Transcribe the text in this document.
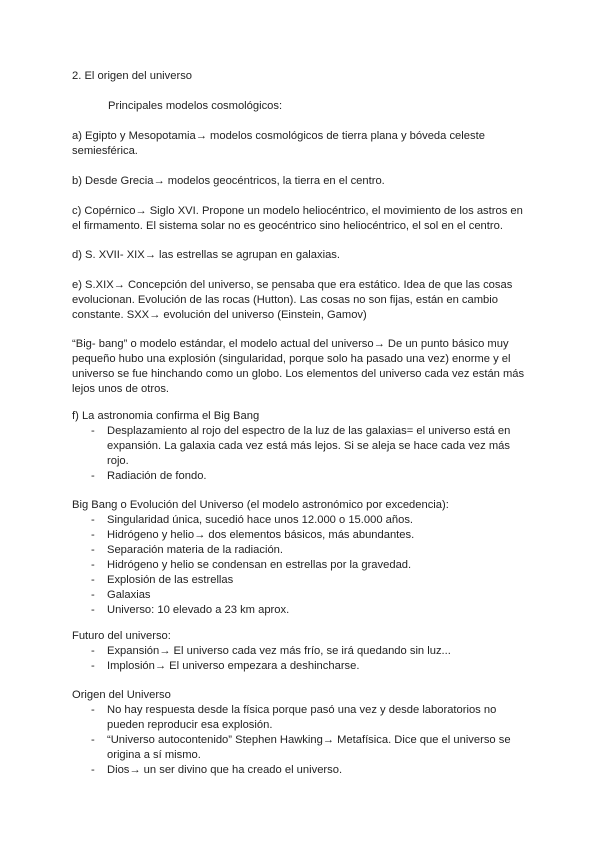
2. El origen del universo

Principales modelos cosmológicos:

a) Egipto y Mesopotamia→ modelos cosmológicos de tierra plana y bóveda celeste semiesférica.

b) Desde Grecia→ modelos geocéntricos, la tierra en el centro.

c) Copérnico→ Siglo XVI. Propone un modelo heliocéntrico, el movimiento de los astros en el firmamento. El sistema solar no es geocéntrico sino heliocéntrico, el sol en el centro.

d) S. XVII- XIX→ las estrellas se agrupan en galaxias.

e) S.XIX→ Concepción del universo, se pensaba que era estático. Idea de que las cosas evolucionan. Evolución de las rocas (Hutton). Las cosas no son fijas, están en cambio constante. SXX→ evolución del universo (Einstein, Gamov)

“Big- bang” o modelo estándar, el modelo actual del universo→ De un punto básico muy pequeño hubo una explosión (singularidad, porque solo ha pasado una vez) enorme y el universo se fue hinchando como un globo. Los elementos del universo cada vez están más lejos unos de otros.

f) La astronomia confirma el Big Bang

- Desplazamiento al rojo del espectro de la luz de las galaxias= el universo está en expansión. La galaxia cada vez está más lejos. Si se aleja se hace cada vez más rojo.
- Radiación de fondo.

Big Bang o Evolución del Universo (el modelo astronómico por excedencia):

- Singularidad única, sucedió hace unos 12.000 o 15.000 años.
- Hidrógeno y helio→ dos elementos básicos, más abundantes.
- Separación materia de la radiación.
- Hidrógeno y helio se condensan en estrellas por la gravedad.
- Explosión de las estrellas
- Galaxias
- Universo: 10 elevado a 23 km aprox.

Futuro del universo:

- Expansión→ El universo cada vez más frío, se irá quedando sin luz...
- Implosión→ El universo empezara a deshincharse.

Origen del Universo

- No hay respuesta desde la física porque pasó una vez y desde laboratorios no pueden reproducir esa explosión.
- “Universo autocontenido” Stephen Hawking→ Metafísica. Dice que el universo se origina a sí mismo.
- Dios→ un ser divino que ha creado el universo.
